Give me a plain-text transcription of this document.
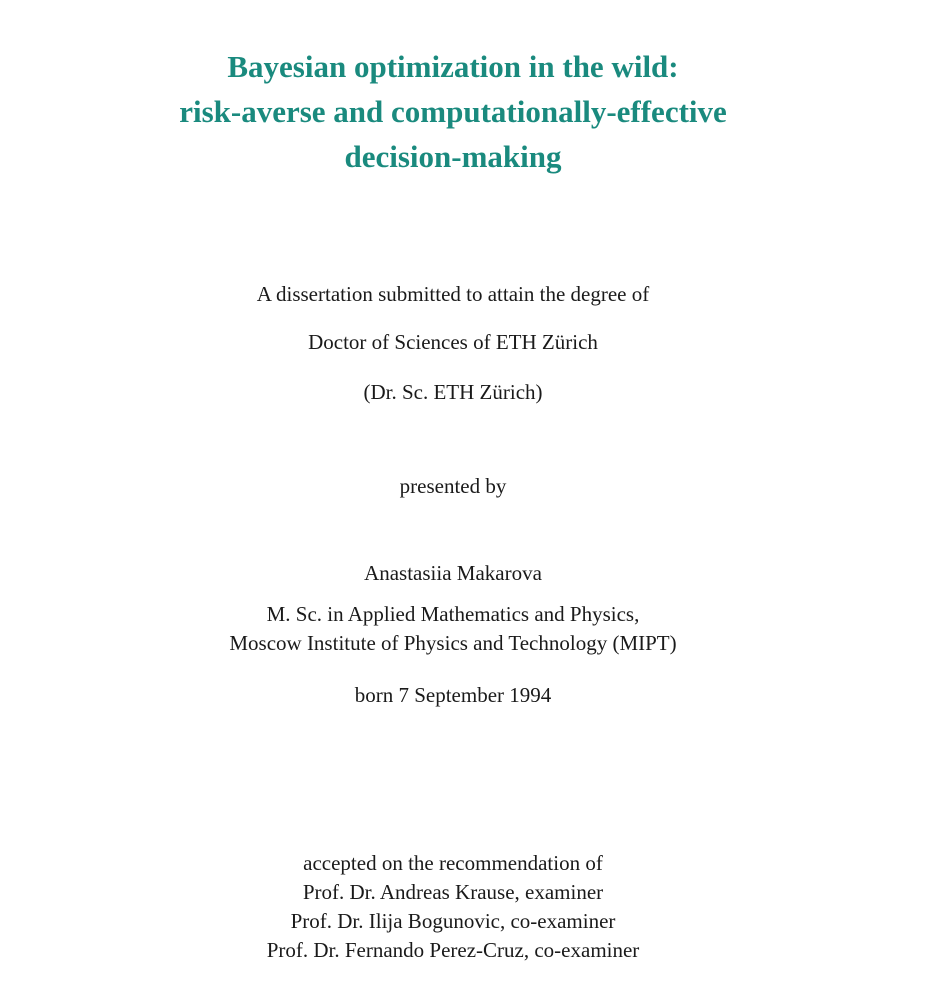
Bayesian optimization in the wild:
risk-averse and computationally-effective
decision-making
A dissertation submitted to attain the degree of
Doctor of Sciences of ETH Zürich
(Dr. Sc. ETH Zürich)
presented by
Anastasiia Makarova
M. Sc. in Applied Mathematics and Physics,
Moscow Institute of Physics and Technology (MIPT)
born 7 September 1994
accepted on the recommendation of
Prof. Dr. Andreas Krause, examiner
Prof. Dr. Ilija Bogunovic, co-examiner
Prof. Dr. Fernando Perez-Cruz, co-examiner
